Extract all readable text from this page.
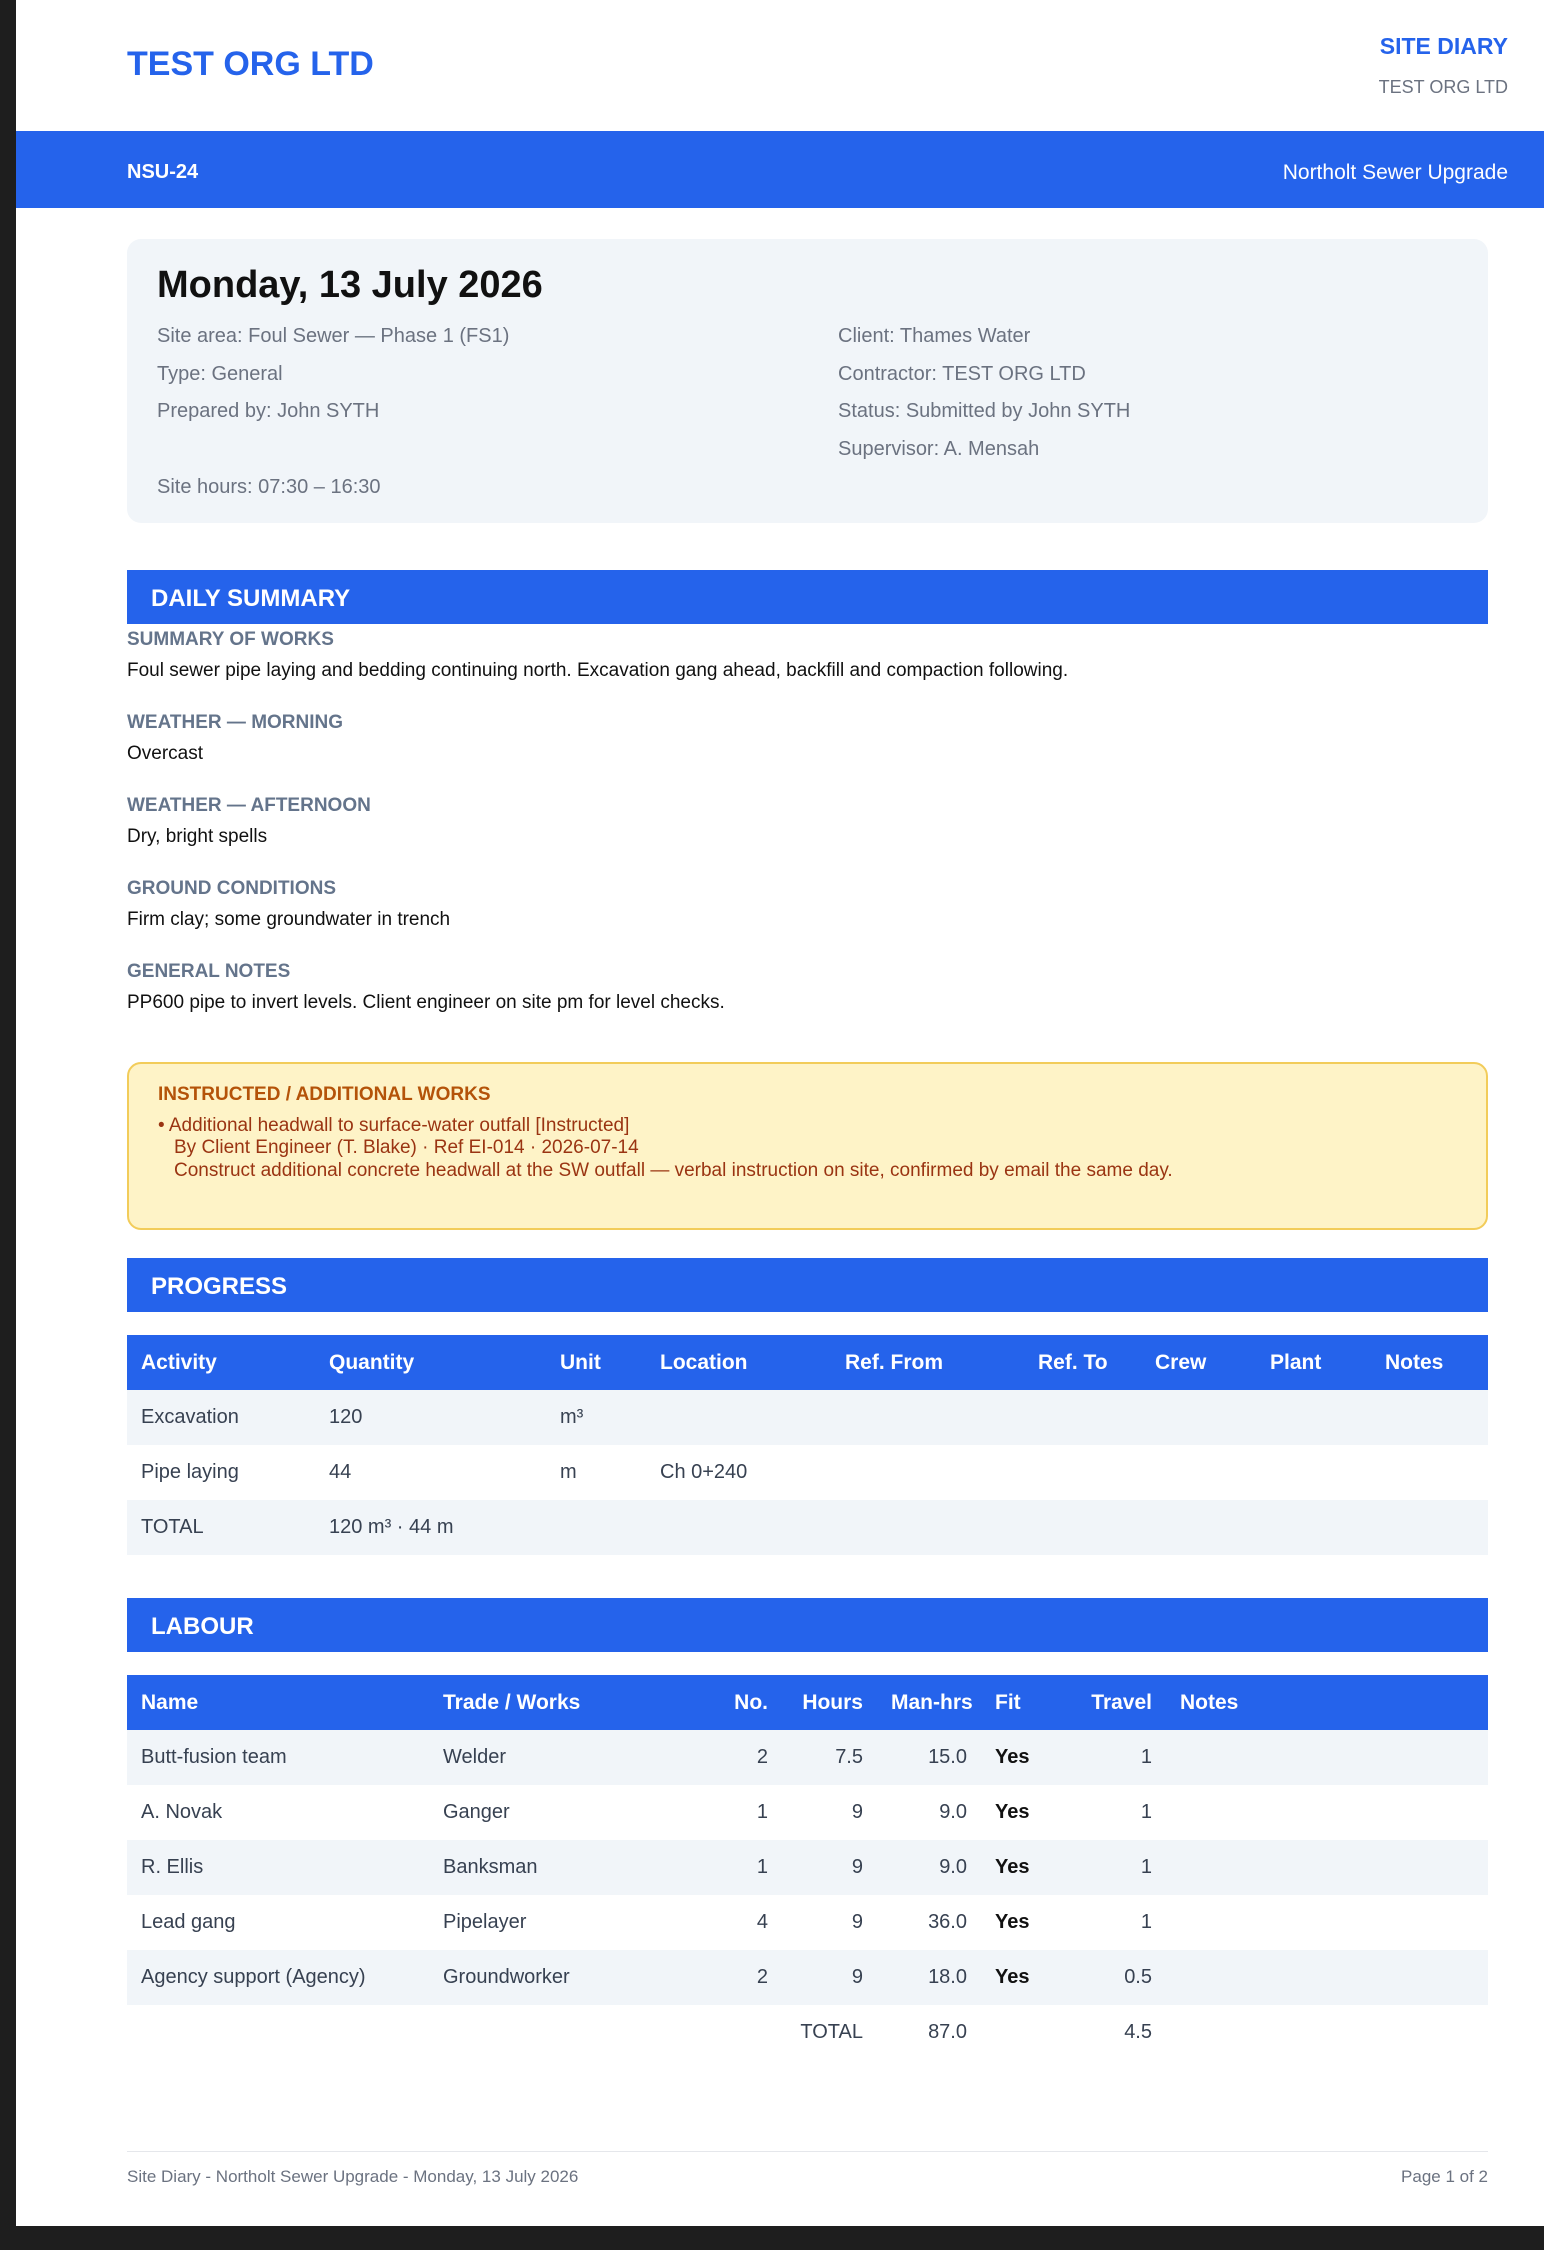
TEST ORG LTD	SITE DIARY
TEST ORG LTD
NSU-24	Northolt Sewer Upgrade
Monday, 13 July 2026
Site area: Foul Sewer — Phase 1 (FS1)
Type: General
Prepared by: John SYTH
Site hours: 07:30 – 16:30
Client: Thames Water
Contractor: TEST ORG LTD
Status: Submitted by John SYTH
Supervisor: A. Mensah
DAILY SUMMARY
SUMMARY OF WORKS
Foul sewer pipe laying and bedding continuing north. Excavation gang ahead, backfill and compaction following.
WEATHER — MORNING
Overcast
WEATHER — AFTERNOON
Dry, bright spells
GROUND CONDITIONS
Firm clay; some groundwater in trench
GENERAL NOTES
PP600 pipe to invert levels. Client engineer on site pm for level checks.
INSTRUCTED / ADDITIONAL WORKS
• Additional headwall to surface-water outfall [Instructed]
By Client Engineer (T. Blake) · Ref EI-014 · 2026-07-14
Construct additional concrete headwall at the SW outfall — verbal instruction on site, confirmed by email the same day.
PROGRESS
Activity	Quantity	Unit	Location	Ref. From	Ref. To	Crew	Plant	Notes
Excavation	120	m³						
Pipe laying	44	m	Ch 0+240					
TOTAL	120 m³ · 44 m							
LABOUR
Name	Trade / Works	No.	Hours	Man-hrs	Fit	Travel	Notes
Butt-fusion team	Welder	2	7.5	15.0	Yes	1	
A. Novak	Ganger	1	9	9.0	Yes	1	
R. Ellis	Banksman	1	9	9.0	Yes	1	
Lead gang	Pipelayer	4	9	36.0	Yes	1	
Agency support (Agency)	Groundworker	2	9	18.0	Yes	0.5	
			TOTAL	87.0		4.5	
Site Diary - Northolt Sewer Upgrade - Monday, 13 July 2026	Page 1 of 2
